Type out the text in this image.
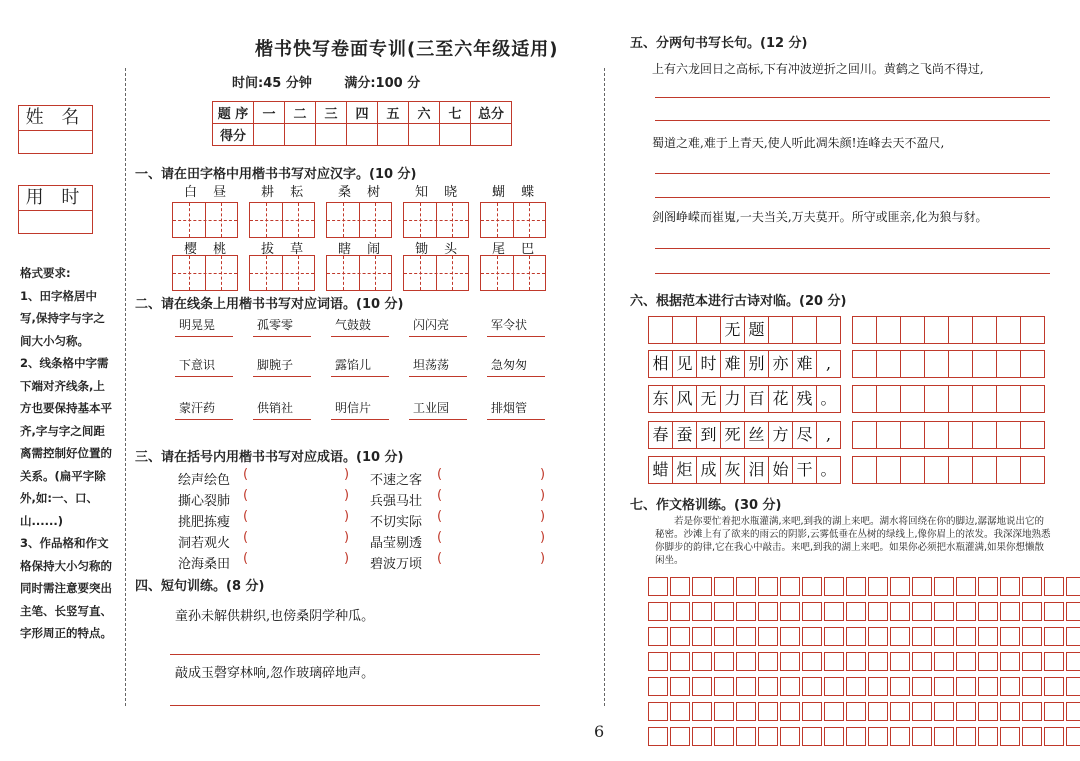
楷书快写卷面专训(三至六年级适用)
时间:45 分钟	满分:100 分
题 序	一	二	三	四	五	六	七	总分
得分								
姓 名
用 时
格式要求:
1、田字格居中写,保持字与字之间大小匀称。
2、线条格中字需下端对齐线条,上方也要保持基本平齐,字与字之间距离需控制好位置的关系。(扁平字除外,如:一、口、山......)
3、作品格和作文格保持大小匀称的同时需注意要突出主笔、长竖写直、字形周正的特点。
一、请在田字格中用楷书书写对应汉字。(10 分)
白 昼 耕 耘 桑 树 知 晓 蝴 蝶
樱 桃 拔 草 瞎 闹 锄 头 尾 巴
二、请在线条上用楷书书写对应词语。(10 分)
明晃晃	孤零零	气鼓鼓	闪闪亮	军令状
下意识	脚腕子	露馅儿	坦荡荡	急匆匆
蒙汗药	供销社	明信片	工业园	排烟管
三、请在括号内用楷书书写对应成语。(10 分)
绘声绘色 (	) 不速之客 (	)
撕心裂肺 (	) 兵强马壮 (	)
挑肥拣瘦 (	) 不切实际 (	)
洞若观火 (	) 晶莹剔透 (	)
沧海桑田 (	) 碧波万顷 (	)
四、短句训练。(8 分)
童孙未解供耕织,也傍桑阴学种瓜。
敲成玉磬穿林响,忽作玻璃碎地声。
五、分两句书写长句。(12 分)
上有六龙回日之高标,下有冲波逆折之回川。黄鹤之飞尚不得过,
蜀道之难,难于上青天,使人听此凋朱颜!连峰去天不盈尺,
剑阁峥嵘而崔嵬,一夫当关,万夫莫开。所守或匪亲,化为狼与豺。
六、根据范本进行古诗对临。(20 分)
无 题
相 见 时 难 别 亦 难 ,
东 风 无 力 百 花 残 。
春 蚕 到 死 丝 方 尽 ,
蜡 炬 成 灰 泪 始 干 。
七、作文格训练。(30 分)
若是你要忙着把水瓶灌满,来吧,到我的湖上来吧。湖水将回绕在你的脚边,潺潺地说出它的秘密。沙滩上有了欲来的雨云的阴影,云雾低垂在丛树的绿线上,像你眉上的浓发。我深深地熟悉你脚步的韵律,它在我心中敲击。来吧,到我的湖上来吧。如果你必须把水瓶灌满,如果你想懒散闲坐。
6
